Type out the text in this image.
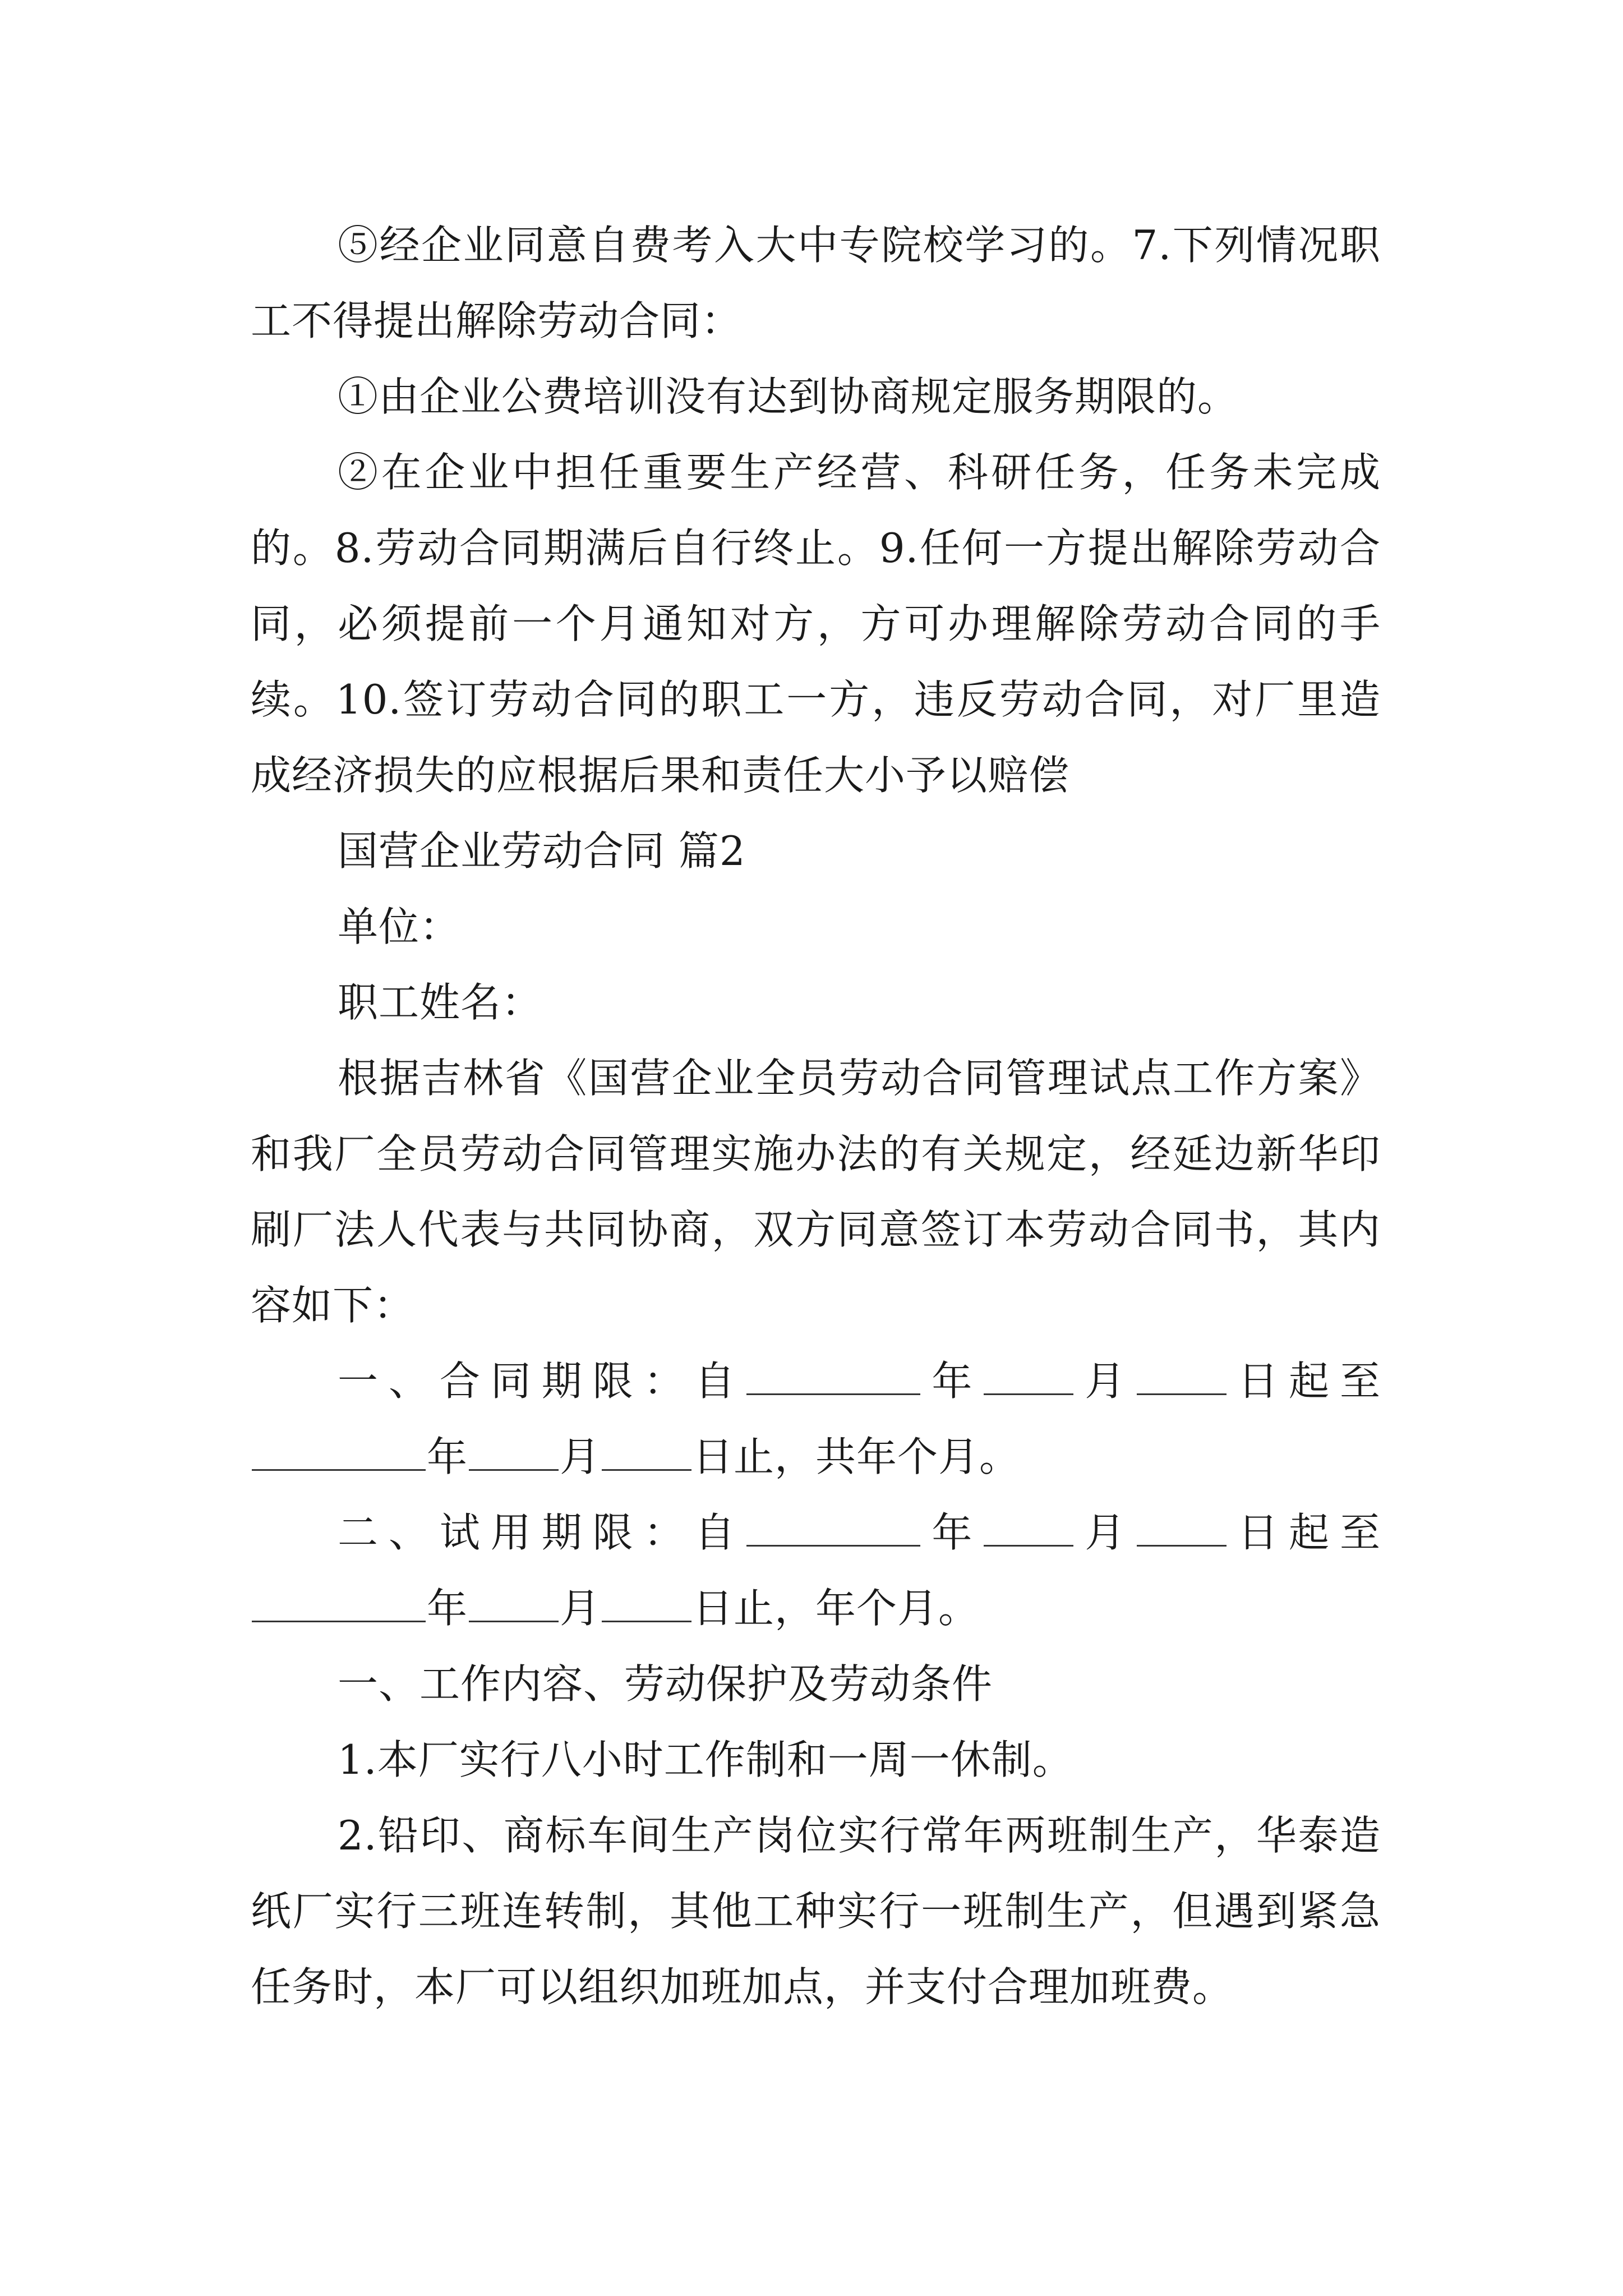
⑤经企业同意自费考入大中专院校学习的。7.下列情况职工不得提出解除劳动合同：

①由企业公费培训没有达到协商规定服务期限的。

②在企业中担任重要生产经营、科研任务，任务未完成的。8.劳动合同期满后自行终止。9.任何一方提出解除劳动合同，必须提前一个月通知对方，方可办理解除劳动合同的手续。10.签订劳动合同的职工一方，违反劳动合同，对厂里造成经济损失的应根据后果和责任大小予以赔偿

国营企业劳动合同 篇2

单位：

职工姓名：

根据吉林省《国营企业全员劳动合同管理试点工作方案》和我厂全员劳动合同管理实施办法的有关规定，经延边新华印刷厂法人代表与共同协商，双方同意签订本劳动合同书，其内容如下：

一、合同期限：自	年 月 日起至年 月 日止，共年个月。

二、试用期限：自	年 月 日起至年 月 日止，年个月。

一、工作内容、劳动保护及劳动条件

1.本厂实行八小时工作制和一周一休制。

2.铅印、商标车间生产岗位实行常年两班制生产，华泰造纸厂实行三班连转制，其他工种实行一班制生产，但遇到紧急任务时，本厂可以组织加班加点，并支付合理加班费。
